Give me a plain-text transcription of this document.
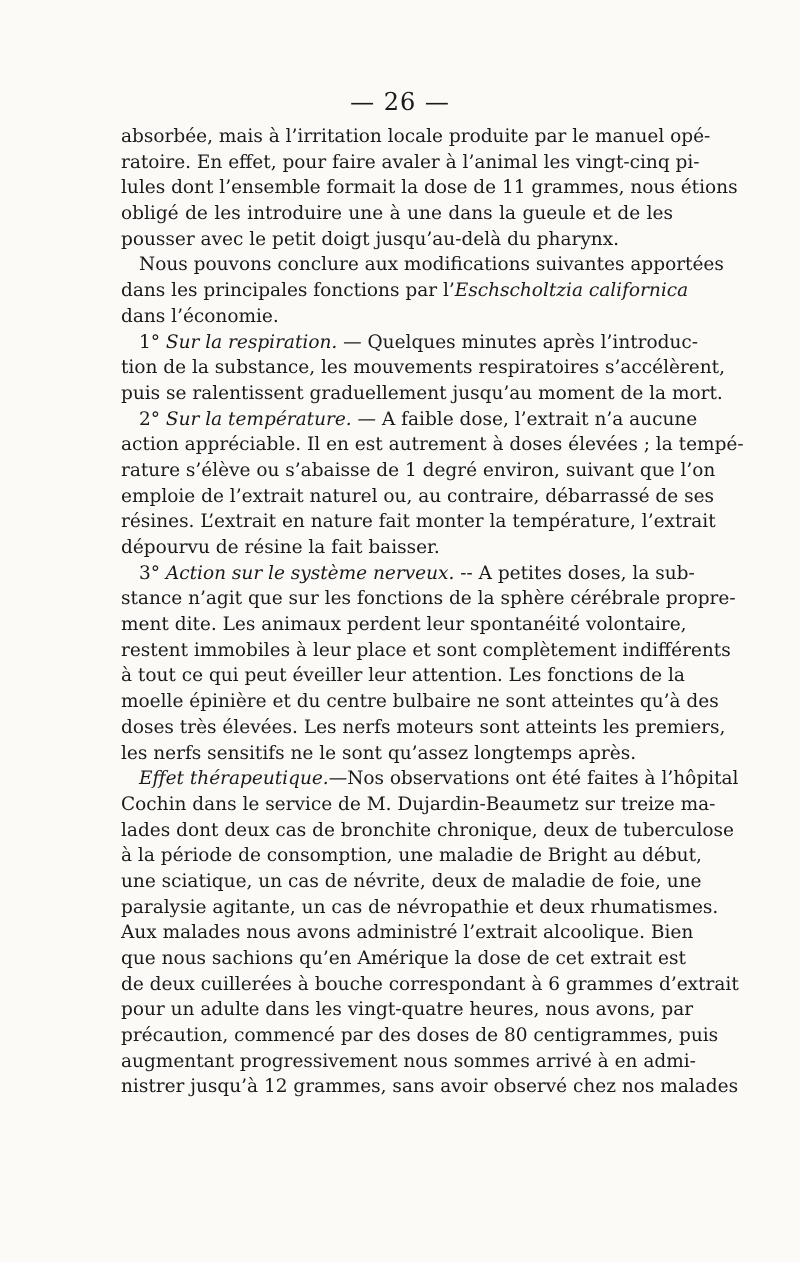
— 26 —
absorbée, mais à l’irritation locale produite par le manuel opé-
ratoire. En effet, pour faire avaler à l’animal les vingt-cinq pi-
lules dont l’ensemble formait la dose de 11 grammes, nous étions
obligé de les introduire une à une dans la gueule et de les
pousser avec le petit doigt jusqu’au-delà du pharynx.
Nous pouvons conclure aux modifications suivantes apportées
dans les principales fonctions par l’Eschscholtzia californica
dans l’économie.
1° Sur la respiration. — Quelques minutes après l’introduc-
tion de la substance, les mouvements respiratoires s’accélèrent,
puis se ralentissent graduellement jusqu’au moment de la mort.
2° Sur la température. — A faible dose, l’extrait n’a aucune
action appréciable. Il en est autrement à doses élevées ; la tempé-
rature s’élève ou s’abaisse de 1 degré environ, suivant que l’on
emploie de l’extrait naturel ou, au contraire, débarrassé de ses
résines. L’extrait en nature fait monter la température, l’extrait
dépourvu de résine la fait baisser.
3° Action sur le système nerveux. -- A petites doses, la sub-
stance n’agit que sur les fonctions de la sphère cérébrale propre-
ment dite. Les animaux perdent leur spontanéité volontaire,
restent immobiles à leur place et sont complètement indifférents
à tout ce qui peut éveiller leur attention. Les fonctions de la
moelle épinière et du centre bulbaire ne sont atteintes qu’à des
doses très élevées. Les nerfs moteurs sont atteints les premiers,
les nerfs sensitifs ne le sont qu’assez longtemps après.
Effet thérapeutique.—Nos observations ont été faites à l’hôpital
Cochin dans le service de M. Dujardin-Beaumetz sur treize ma-
lades dont deux cas de bronchite chronique, deux de tuberculose
à la période de consomption, une maladie de Bright au début,
une sciatique, un cas de névrite, deux de maladie de foie, une
paralysie agitante, un cas de névropathie et deux rhumatismes.
Aux malades nous avons administré l’extrait alcoolique. Bien
que nous sachions qu’en Amérique la dose de cet extrait est
de deux cuillerées à bouche correspondant à 6 grammes d’extrait
pour un adulte dans les vingt-quatre heures, nous avons, par
précaution, commencé par des doses de 80 centigrammes, puis
augmentant progressivement nous sommes arrivé à en admi-
nistrer jusqu’à 12 grammes, sans avoir observé chez nos malades
